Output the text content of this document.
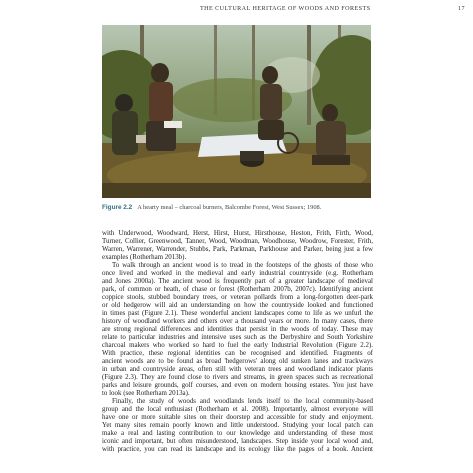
THE CULTURAL HERITAGE OF WOODS AND FORESTS	17
Figure 2.2 A hearty meal – charcoal burners, Balcombe Forest, West Sussex; 1908.
with Underwood, Woodward, Herst, Hirst, Hurst, Hirsthouse, Heston, Frith, Firth, Wood,
Turner, Collier, Greenwood, Tanner, Wood, Woodman, Woodhouse, Woodrow, Forester, Frith,
Warren, Warrener, Warrender, Stubbs, Park, Parkman, Parkhouse and Parker, being just a few
examples (Rotherham 2013b).
To walk through an ancient wood is to tread in the footsteps of the ghosts of those who
once lived and worked in the medieval and early industrial countryside (e.g. Rotherham
and Jones 2000a). The ancient wood is frequently part of a greater landscape of medieval
park, of common or heath, of chase or forest (Rotherham 2007b, 2007c). Identifying ancient
coppice stools, stubbed boundary trees, or veteran pollards from a long-forgotten deer-park
or old hedgerow will aid an understanding on how the countryside looked and functioned
in times past (Figure 2.1). These wonderful ancient landscapes come to life as we unfurl the
history of woodland workers and others over a thousand years or more. In many cases, there
are strong regional differences and identities that persist in the woods of today. These may
relate to particular industries and intensive uses such as the Derbyshire and South Yorkshire
charcoal makers who worked so hard to fuel the early Industrial Revolution (Figure 2.2).
With practice, these regional identities can be recognised and identified. Fragments of
ancient woods are to be found as broad 'hedgerows' along old sunken lanes and trackways
in urban and countryside areas, often still with veteran trees and woodland indicator plants
(Figure 2.3). They are found close to rivers and streams, in green spaces such as recreational
parks and leisure grounds, golf courses, and even on modern housing estates. You just have
to look (see Rotherham 2013a).
Finally, the study of woods and woodlands lends itself to the local community-based
group and the local enthusiast (Rotherham et al. 2008). Importantly, almost everyone will
have one or more suitable sites on their doorstep and accessible for study and enjoyment.
Yet many sites remain poorly known and little understood. Studying your local patch can
make a real and lasting contribution to our knowledge and understanding of these most
iconic and important, but often misunderstood, landscapes. Step inside your local wood and,
with practice, you can read its landscape and its ecology like the pages of a book. Ancient
